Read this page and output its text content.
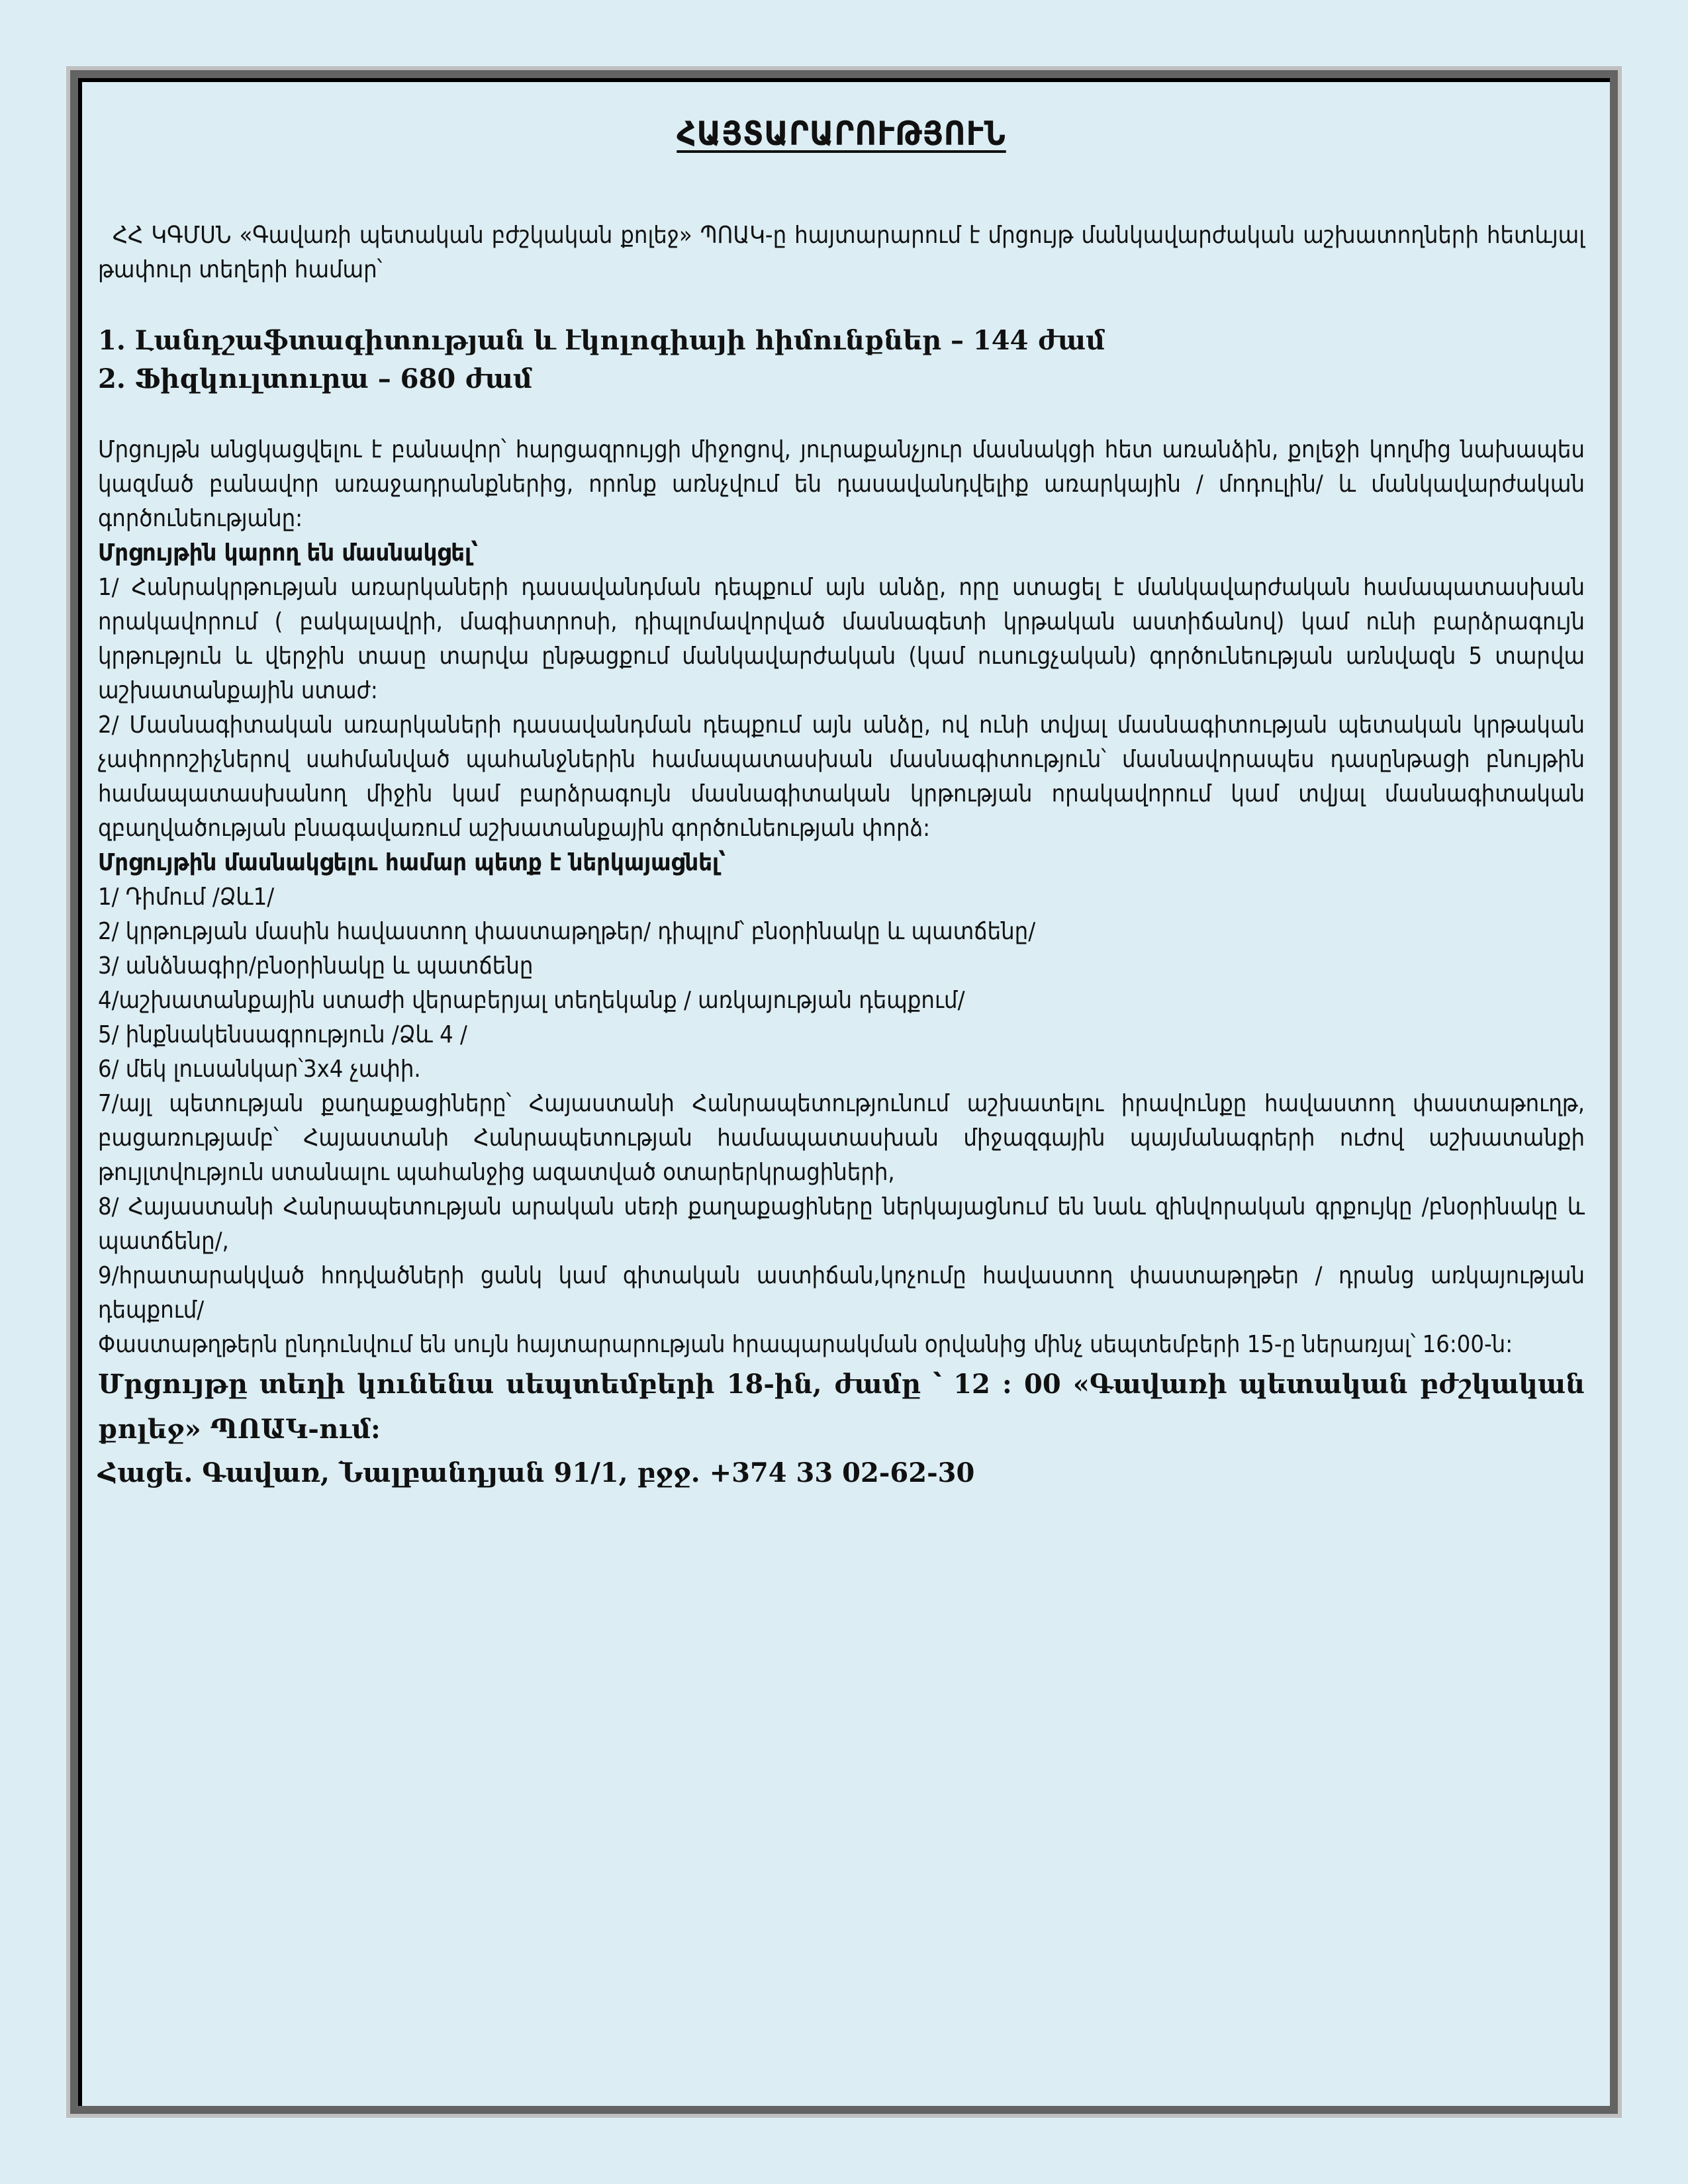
ՀԱՅՏԱՐԱՐՈՒԹՅՈՒՆ

ՀՀ ԿԳՄՍՆ «Գավառի պետական բժշկական քոլեջ» ՊՈԱԿ-ը հայտարարում է մրցույթ մանկավարժական աշխատողների հետևյալ թափուր տեղերի համար՝

1. Լանդշաֆտագիտության և էկոլոգիայի հիմունքներ – 144 ժամ

2. Ֆիզկուլտուրա – 680 ժամ

Մրցույթն անցկացվելու է բանավոր՝ հարցազրույցի միջոցով, յուրաքանչյուր մասնակցի հետ առանձին, քոլեջի կողմից նախապես կազմած բանավոր առաջադրանքներից, որոնք առնչվում են դասավանդվելիք առարկային / մոդուլին/ և մանկավարժական գործունեությանը:

Մրցույթին կարող են մասնակցել՝

1/ Հանրակրթության առարկաների դասավանդման դեպքում այն անձը, որը ստացել է մանկավարժական համապատասխան որակավորում ( բակալավրի, մագիստրոսի, դիպլոմավորված մասնագետի կրթական աստիճանով) կամ ունի բարձրագույն կրթություն և վերջին տասը տարվա ընթացքում մանկավարժական (կամ ուսուցչական) գործունեության առնվազն 5 տարվա աշխատանքային ստաժ:

2/ Մասնագիտական առարկաների դասավանդման դեպքում այն անձը, ով ունի տվյալ մասնագիտության պետական կրթական չափորոշիչներով սահմանված պահանջներին համապատասխան մասնագիտություն՝ մասնավորապես դասընթացի բնույթին համապատասխանող միջին կամ բարձրագույն մասնագիտական կրթության որակավորում կամ տվյալ մասնագիտական զբաղվածության բնագավառում աշխատանքային գործունեության փորձ:

Մրցույթին մասնակցելու համար պետք է ներկայացնել՝

1/ Դիմում /Ձև1/

2/ կրթության մասին հավաստող փաստաթղթեր/ դիպլոմ՝ բնօրինակը և պատճենը/

3/ անձնագիր/բնօրինակը և պատճենը

4/աշխատանքային ստաժի վերաբերյալ տեղեկանք / առկայության դեպքում/

5/ ինքնակենսագրություն /Ձև 4 /

6/ մեկ լուսանկար՝3x4 չափի.

7/այլ պետության քաղաքացիները՝ Հայաստանի Հանրապետությունում աշխատելու իրավունքը հավաստող փաստաթուղթ, բացառությամբ՝ Հայաստանի Հանրապետության համապատասխան միջազգային պայմանագրերի ուժով աշխատանքի թույլտվություն ստանալու պահանջից ազատված օտարերկրացիների,

8/ Հայաստանի Հանրապետության արական սեռի քաղաքացիները ներկայացնում են նաև զինվորական գրքույկը /բնօրինակը և պատճենը/,

9/հրատարակված հոդվածների ցանկ կամ գիտական աստիճան,կոչումը հավաստող փաստաթղթեր / դրանց առկայության դեպքում/

Փաստաթղթերն ընդունվում են սույն հայտարարության հրապարակման օրվանից մինչ սեպտեմբերի 15-ը ներառյալ՝ 16:00-ն:

Մրցույթը տեղի կունենա սեպտեմբերի 18-ին, ժամը ՝ 12 : 00 «Գավառի պետական բժշկական քոլեջ» ՊՈԱԿ-ում:

Հացե. Գավառ, Նալբանդյան 91/1, բջջ. +374 33 02-62-30
